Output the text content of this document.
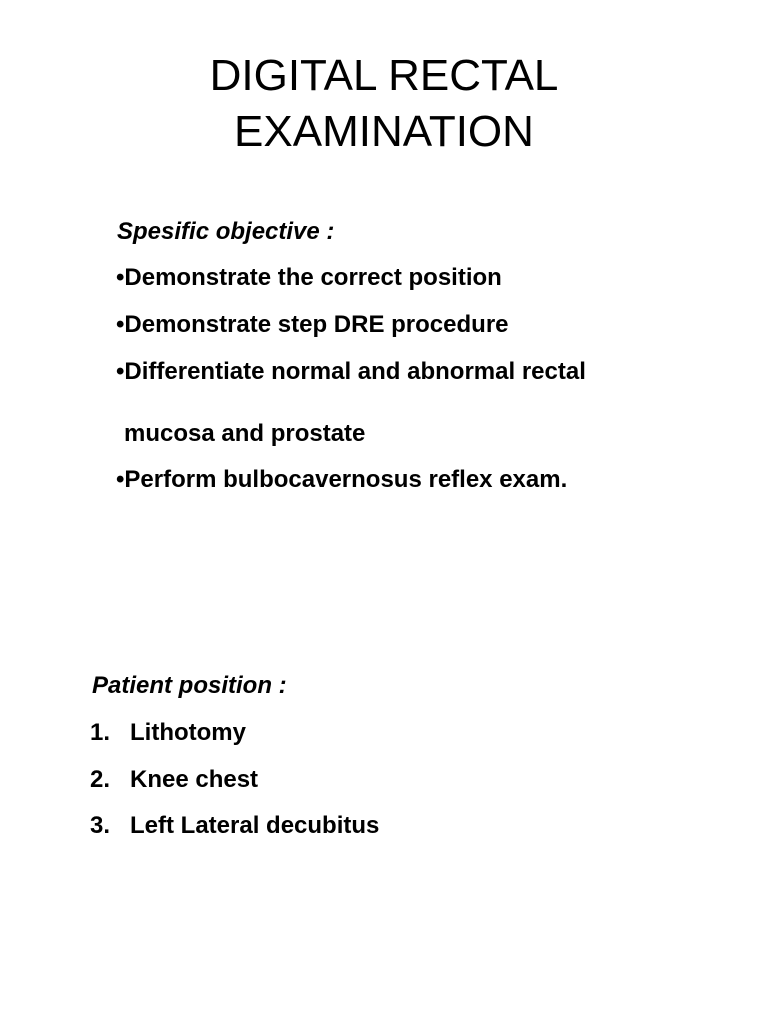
DIGITAL RECTAL
EXAMINATION

Spesific objective :

•Demonstrate the correct position
•Demonstrate step DRE procedure
•Differentiate normal and abnormal rectal
mucosa and prostate
•Perform bulbocavernosus reflex exam.

Patient position :

1. Lithotomy
2. Knee chest
3. Left Lateral decubitus
